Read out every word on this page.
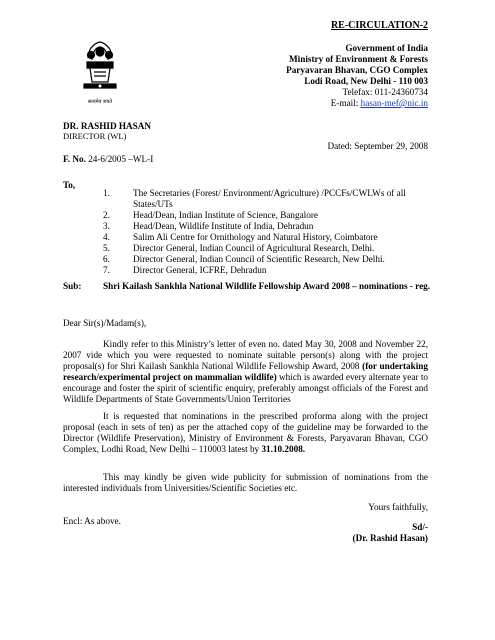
RE-CIRCULATION-2
सत्यमेव जयते
Government of India
Ministry of Environment & Forests
Paryavaran Bhavan, CGO Complex
Lodi Road, New Delhi - 110 003
Telefax: 011-24360734
E-mail: hasan-mef@nic.in
DR. RASHID HASAN
DIRECTOR (WL)
Dated: September 29, 2008
F. No. 24-6/2005 –WL-I
To,
1.	The Secretaries (Forest/ Environment/Agriculture) /PCCFs/CWLWs of all States/UTs
2.	Head/Dean, Indian Institute of Science, Bangalore
3.	Head/Dean, Wildlife Institute of India, Dehradun
4.	Salim Ali Centre for Ornithology and Natural History, Coimbatore
5.	Director General, Indian Council of Agricultural Research, Delhi.
6.	Director General, Indian Council of Scientific Research, New Delhi.
7.	Director General, ICFRE, Dehradun
Sub: Shri Kailash Sankhla National Wildlife Fellowship Award 2008 – nominations - reg.
Dear Sir(s)/Madam(s),
Kindly refer to this Ministry’s letter of even no. dated May 30, 2008 and November 22, 2007 vide which you were requested to nominate suitable person(s) along with the project proposal(s) for Shri Kailash Sankhla National Wildlife Fellowship Award, 2008 (for undertaking research/experimental project on mammalian wildlife) which is awarded every alternate year to encourage and foster the spirit of scientific enquiry, preferably amongst officials of the Forest and Wildlife Departments of State Governments/Union Territories
It is requested that nominations in the prescribed proforma along with the project proposal (each in sets of ten) as per the attached copy of the guideline may be forwarded to the Director (Wildlife Preservation), Ministry of Environment & Forests, Paryavaran Bhavan, CGO Complex, Lodhi Road, New Delhi – 110003 latest by 31.10.2008.
This may kindly be given wide publicity for submission of nominations from the interested individuals from Universities/Scientific Societies etc.
Yours faithfully,
Encl: As above.
Sd/-
(Dr. Rashid Hasan)
